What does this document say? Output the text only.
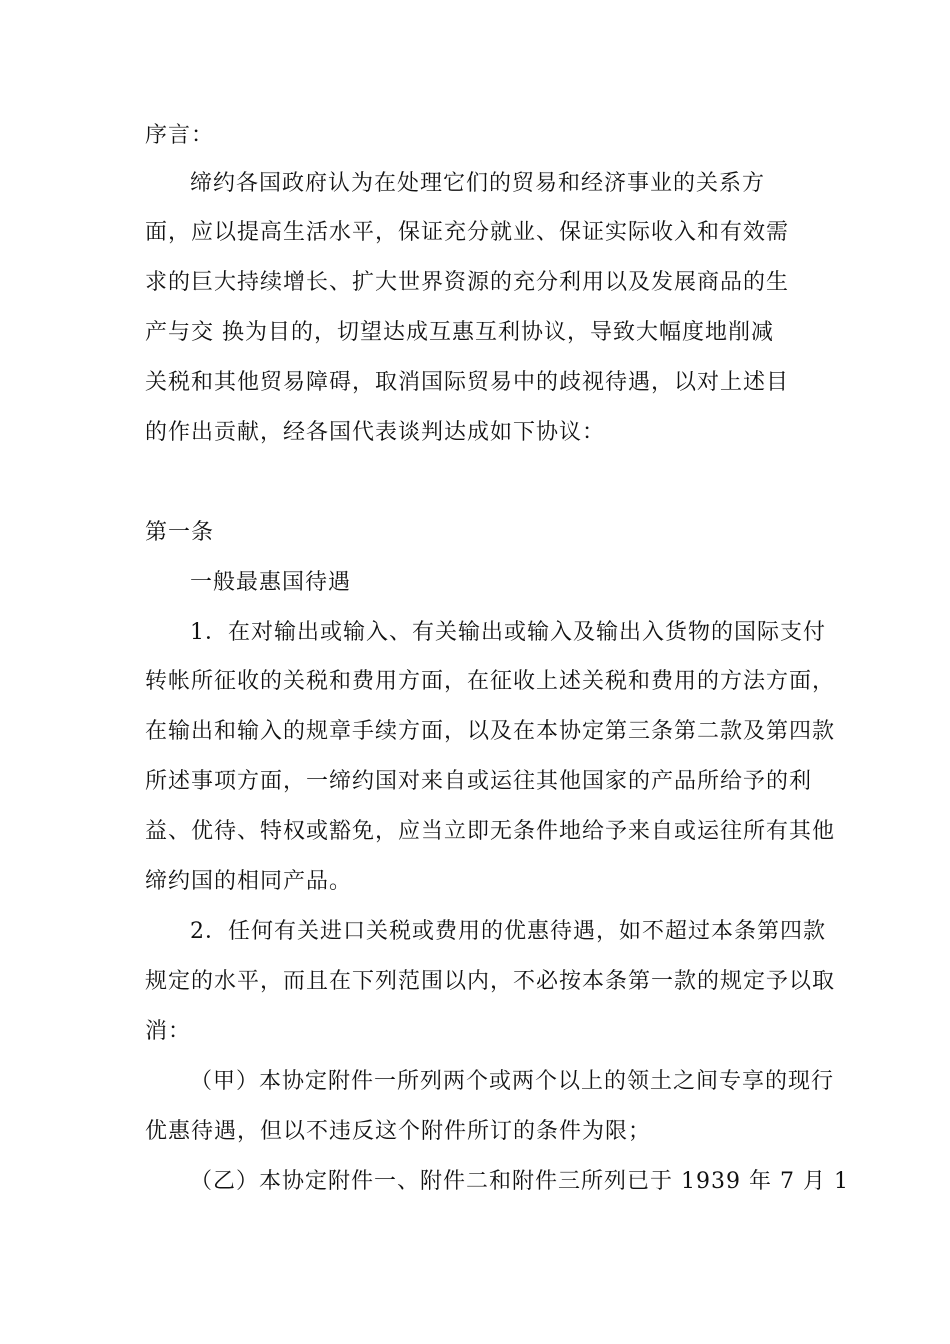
序言：
缔约各国政府认为在处理它们的贸易和经济事业的关系方
面，应以提高生活水平，保证充分就业、保证实际收入和有效需
求的巨大持续增长、扩大世界资源的充分利用以及发展商品的生
产与交 换为目的，切望达成互惠互利协议，导致大幅度地削减
关税和其他贸易障碍，取消国际贸易中的歧视待遇，以对上述目
的作出贡献，经各国代表谈判达成如下协议：
第一条
一般最惠国待遇
1．在对输出或输入、有关输出或输入及输出入货物的国际支付
转帐所征收的关税和费用方面，在征收上述关税和费用的方法方面，
在输出和输入的规章手续方面，以及在本协定第三条第二款及第四款
所述事项方面，一缔约国对来自或运往其他国家的产品所给予的利
益、优待、特权或豁免，应当立即无条件地给予来自或运往所有其他
缔约国的相同产品。
2．任何有关进口关税或费用的优惠待遇，如不超过本条第四款
规定的水平，而且在下列范围以内，不必按本条第一款的规定予以取
消：
（甲）本协定附件一所列两个或两个以上的领土之间专享的现行
优惠待遇，但以不违反这个附件所订的条件为限；
（乙）本协定附件一、附件二和附件三所列已于 1939 年 7 月 1
